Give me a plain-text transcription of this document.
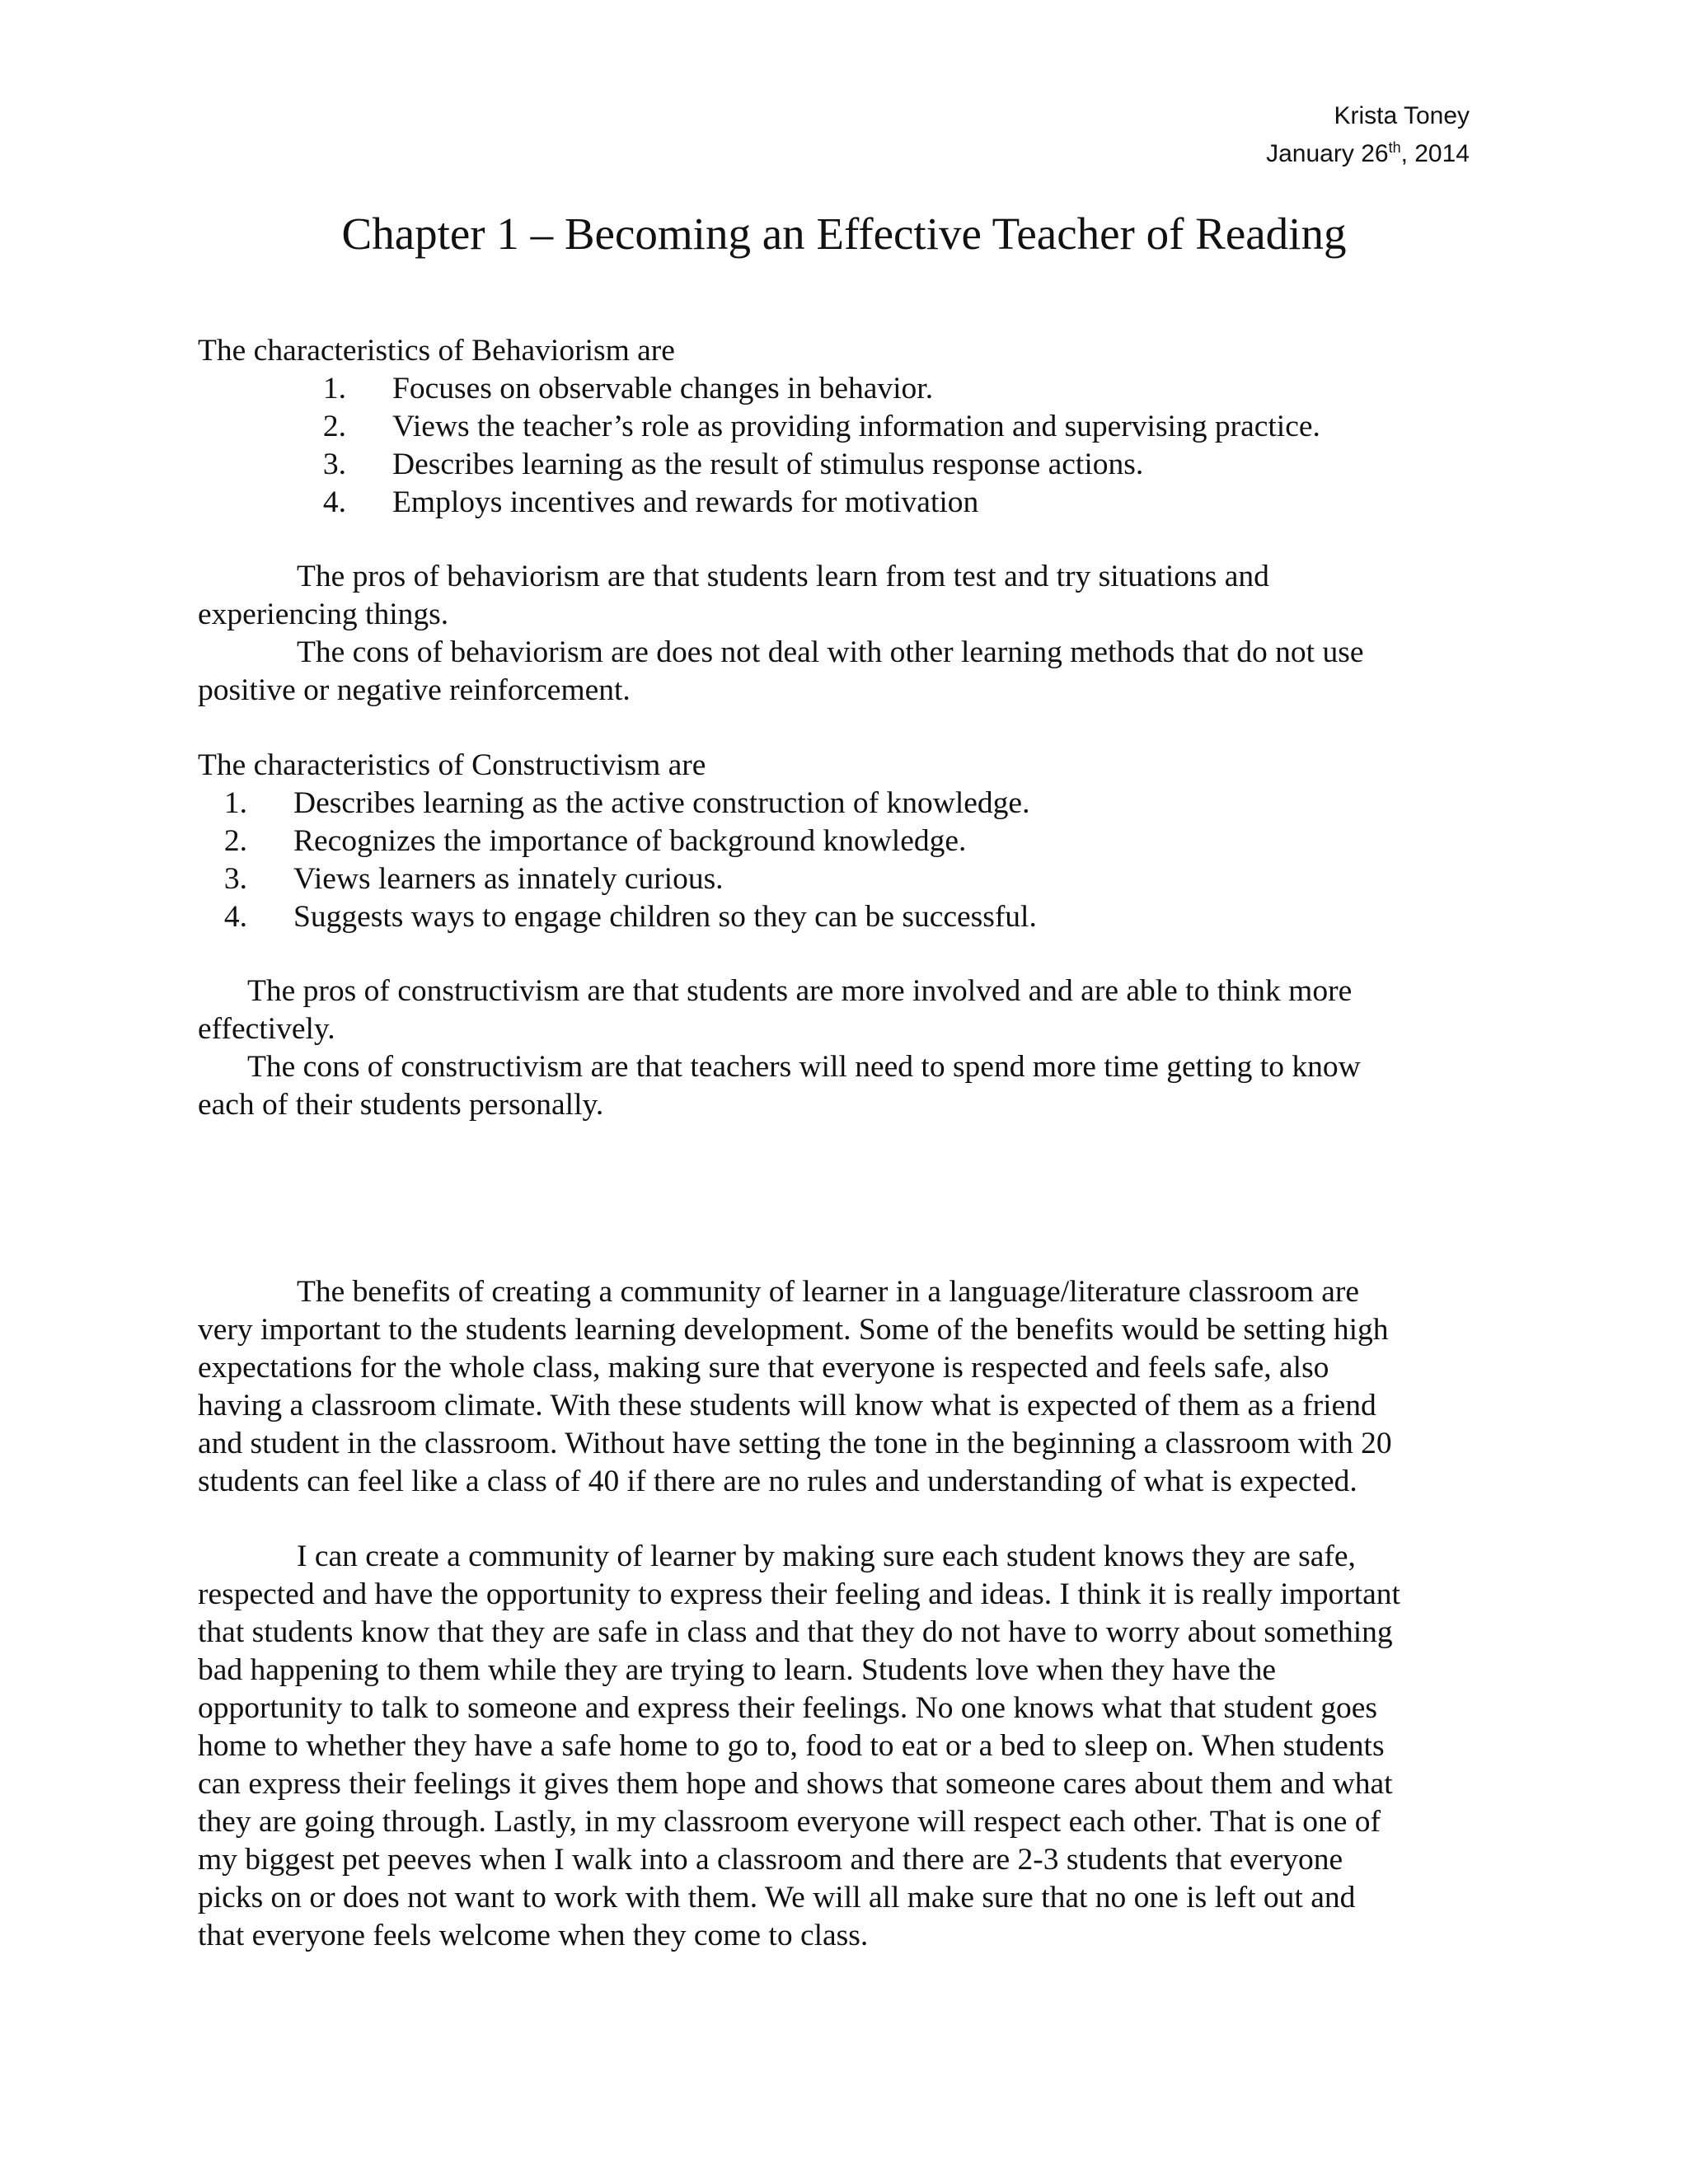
Krista Toney
January 26th, 2014
Chapter 1 – Becoming an Effective Teacher of Reading
The characteristics of Behaviorism are
1. Focuses on observable changes in behavior.
2. Views the teacher’s role as providing information and supervising practice.
3. Describes learning as the result of stimulus response actions.
4. Employs incentives and rewards for motivation
The pros of behaviorism are that students learn from test and try situations and
experiencing things.
The cons of behaviorism are does not deal with other learning methods that do not use
positive or negative reinforcement.
The characteristics of Constructivism are
1. Describes learning as the active construction of knowledge.
2. Recognizes the importance of background knowledge.
3. Views learners as innately curious.
4. Suggests ways to engage children so they can be successful.
The pros of constructivism are that students are more involved and are able to think more
effectively.
The cons of constructivism are that teachers will need to spend more time getting to know
each of their students personally.
The benefits of creating a community of learner in a language/literature classroom are
very important to the students learning development. Some of the benefits would be setting high
expectations for the whole class, making sure that everyone is respected and feels safe, also
having a classroom climate. With these students will know what is expected of them as a friend
and student in the classroom. Without have setting the tone in the beginning a classroom with 20
students can feel like a class of 40 if there are no rules and understanding of what is expected.
I can create a community of learner by making sure each student knows they are safe,
respected and have the opportunity to express their feeling and ideas. I think it is really important
that students know that they are safe in class and that they do not have to worry about something
bad happening to them while they are trying to learn. Students love when they have the
opportunity to talk to someone and express their feelings. No one knows what that student goes
home to whether they have a safe home to go to, food to eat or a bed to sleep on. When students
can express their feelings it gives them hope and shows that someone cares about them and what
they are going through. Lastly, in my classroom everyone will respect each other. That is one of
my biggest pet peeves when I walk into a classroom and there are 2-3 students that everyone
picks on or does not want to work with them. We will all make sure that no one is left out and
that everyone feels welcome when they come to class.
